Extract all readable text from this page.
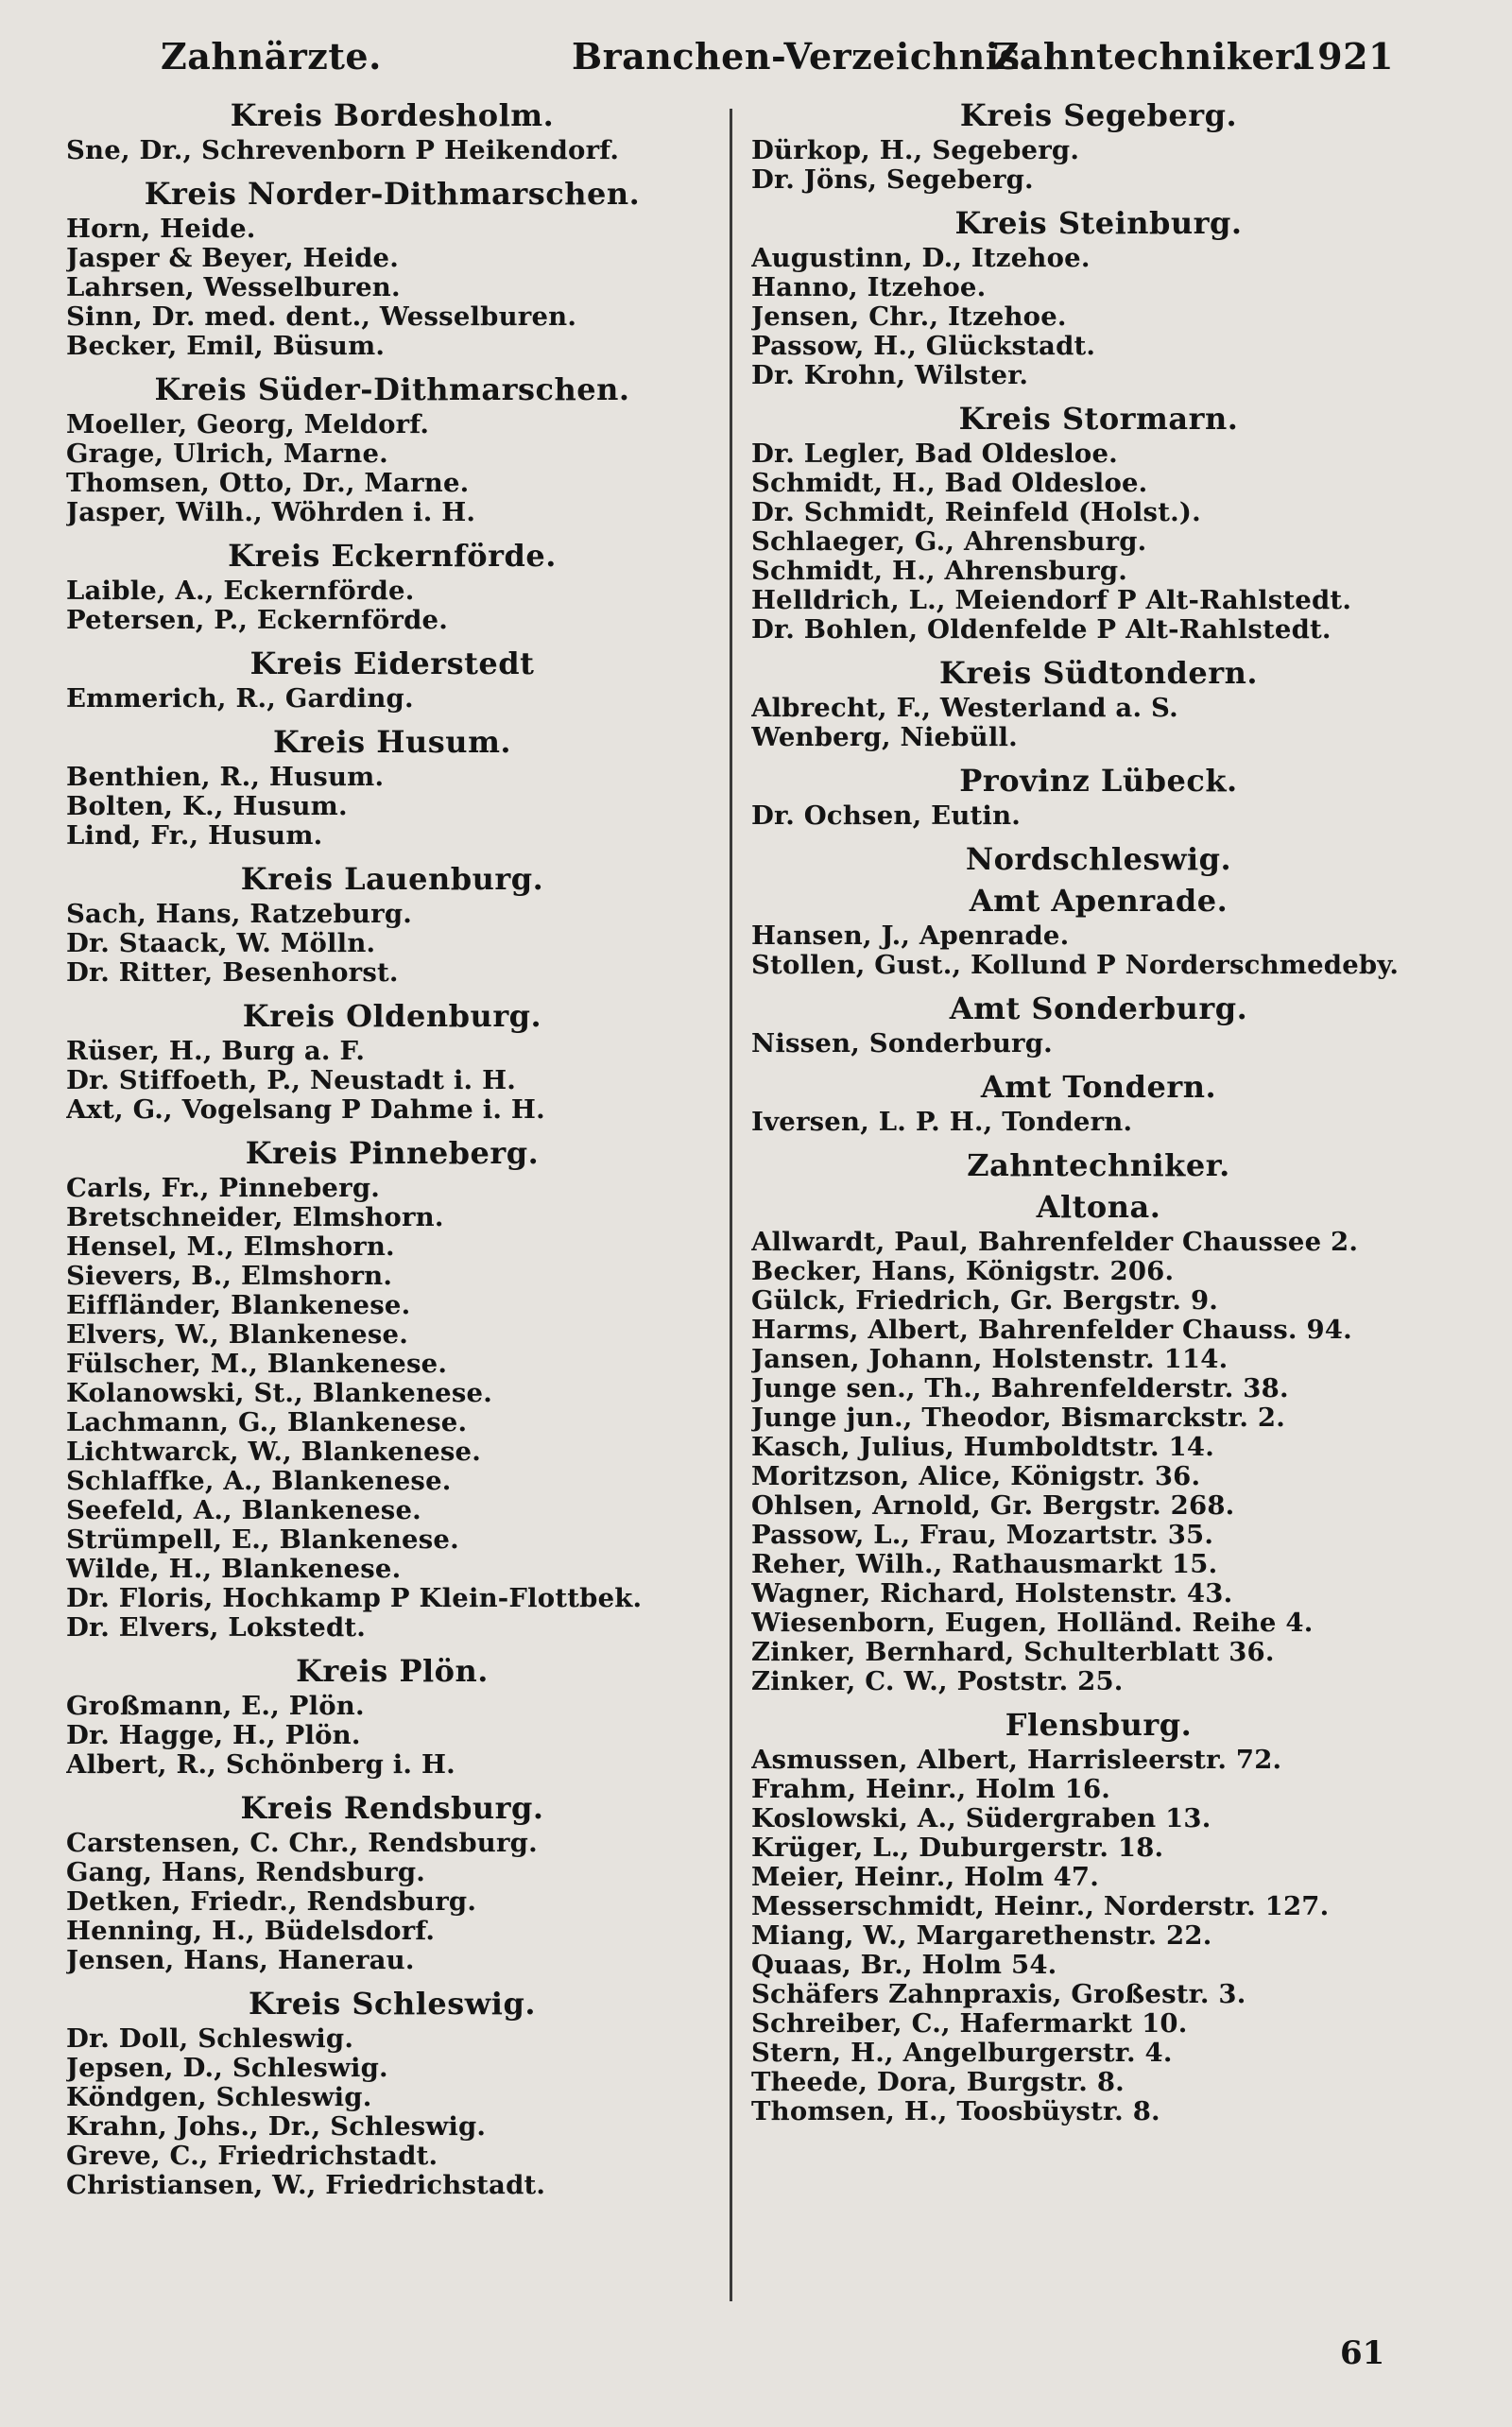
Zahnärzte.	Branchen-Verzeichnis.
Zahntechniker.
1921
Kreis Bordesholm.
Sne, Dr., Schrevenborn P Heikendorf.
Kreis Norder-Dithmarschen.
Horn, Heide.
Jasper & Beyer, Heide.
Lahrsen, Wesselburen.
Sinn, Dr. med. dent., Wesselburen.
Becker, Emil, Büsum.
Kreis Süder-Dithmarschen.
Moeller, Georg, Meldorf.
Grage, Ulrich, Marne.
Thomsen, Otto, Dr., Marne.
Jasper, Wilh., Wöhrden i. H.
Kreis Eckernförde.
Laible, A., Eckernförde.
Petersen, P., Eckernförde.
Kreis Eiderstedt
Emmerich, R., Garding.
Kreis Husum.
Benthien, R., Husum.
Bolten, K., Husum.
Lind, Fr., Husum.
Kreis Lauenburg.
Sach, Hans, Ratzeburg.
Dr. Staack, W. Mölln.
Dr. Ritter, Besenhorst.
Kreis Oldenburg.
Rüser, H., Burg a. F.
Dr. Stiffoeth, P., Neustadt i. H.
Axt, G., Vogelsang P Dahme i. H.
Kreis Pinneberg.
Carls, Fr., Pinneberg.
Bretschneider, Elmshorn.
Hensel, M., Elmshorn.
Sievers, B., Elmshorn.
Eiffländer, Blankenese.
Elvers, W., Blankenese.
Fülscher, M., Blankenese.
Kolanowski, St., Blankenese.
Lachmann, G., Blankenese.
Lichtwarck, W., Blankenese.
Schlaffke, A., Blankenese.
Seefeld, A., Blankenese.
Strümpell, E., Blankenese.
Wilde, H., Blankenese.
Dr. Floris, Hochkamp P Klein-Flottbek.
Dr. Elvers, Lokstedt.
Kreis Plön.
Großmann, E., Plön.
Dr. Hagge, H., Plön.
Albert, R., Schönberg i. H.
Kreis Rendsburg.
Carstensen, C. Chr., Rendsburg.
Gang, Hans, Rendsburg.
Detken, Friedr., Rendsburg.
Henning, H., Büdelsdorf.
Jensen, Hans, Hanerau.
Kreis Schleswig.
Dr. Doll, Schleswig.
Jepsen, D., Schleswig.
Köndgen, Schleswig.
Krahn, Johs., Dr., Schleswig.
Greve, C., Friedrichstadt.
Christiansen, W., Friedrichstadt.
Kreis Segeberg.
Dürkop, H., Segeberg.
Dr. Jöns, Segeberg.
Kreis Steinburg.
Augustinn, D., Itzehoe.
Hanno, Itzehoe.
Jensen, Chr., Itzehoe.
Passow, H., Glückstadt.
Dr. Krohn, Wilster.
Kreis Stormarn.
Dr. Legler, Bad Oldesloe.
Schmidt, H., Bad Oldesloe.
Dr. Schmidt, Reinfeld (Holst.).
Schlaeger, G., Ahrensburg.
Schmidt, H., Ahrensburg.
Helldrich, L., Meiendorf P Alt-Rahlstedt.
Dr. Bohlen, Oldenfelde P Alt-Rahlstedt.
Kreis Südtondern.
Albrecht, F., Westerland a. S.
Wenberg, Niebüll.
Provinz Lübeck.
Dr. Ochsen, Eutin.
Nordschleswig.
Amt Apenrade.
Hansen, J., Apenrade.
Stollen, Gust., Kollund P Norderschmedeby.
Amt Sonderburg.
Nissen, Sonderburg.
Amt Tondern.
Iversen, L. P. H., Tondern.
Zahntechniker.
Altona.
Allwardt, Paul, Bahrenfelder Chaussee 2.
Becker, Hans, Königstr. 206.
Gülck, Friedrich, Gr. Bergstr. 9.
Harms, Albert, Bahrenfelder Chauss. 94.
Jansen, Johann, Holstenstr. 114.
Junge sen., Th., Bahrenfelderstr. 38.
Junge jun., Theodor, Bismarckstr. 2.
Kasch, Julius, Humboldtstr. 14.
Moritzson, Alice, Königstr. 36.
Ohlsen, Arnold, Gr. Bergstr. 268.
Passow, L., Frau, Mozartstr. 35.
Reher, Wilh., Rathausmarkt 15.
Wagner, Richard, Holstenstr. 43.
Wiesenborn, Eugen, Holländ. Reihe 4.
Zinker, Bernhard, Schulterblatt 36.
Zinker, C. W., Poststr. 25.
Flensburg.
Asmussen, Albert, Harrisleerstr. 72.
Frahm, Heinr., Holm 16.
Koslowski, A., Südergraben 13.
Krüger, L., Duburgerstr. 18.
Meier, Heinr., Holm 47.
Messerschmidt, Heinr., Norderstr. 127.
Miang, W., Margarethenstr. 22.
Quaas, Br., Holm 54.
Schäfers Zahnpraxis, Großestr. 3.
Schreiber, C., Hafermarkt 10.
Stern, H., Angelburgerstr. 4.
Theede, Dora, Burgstr. 8.
Thomsen, H., Toosbüystr. 8.
61
